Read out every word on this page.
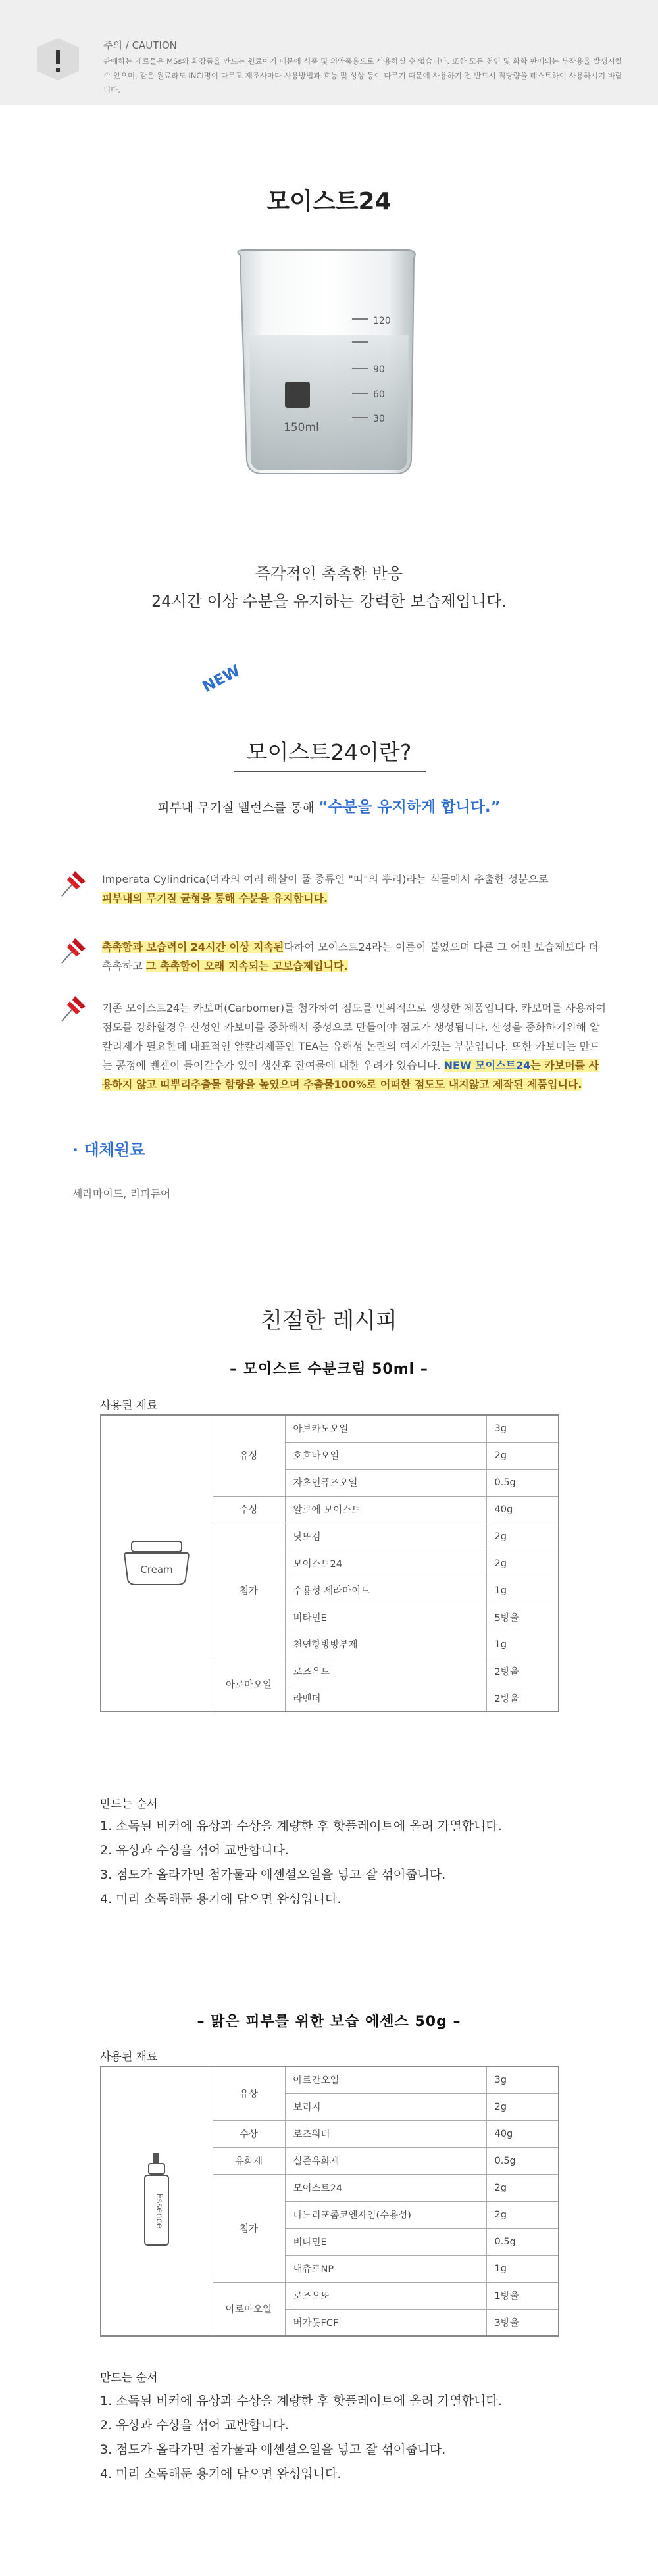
주의 / CAUTION
판매하는 재료들은 MSs와 화장품을 만드는 원료이기 때문에 식품 및 의약품용으로 사용하실 수 없습니다. 또한 모든 천연 및 화학 판매되는 부작용을 발생시킬 수 있으며, 같은 원료라도 INCI명이 다르고 제조사마다 사용방법과 효능 및 성상 등이 다르기 때문에 사용하기 전 반드시 적당량을 테스트하여 사용하시기 바랍니다.
모이스트24
120
90
60
30
150ml
즉각적인 촉촉한 반응
24시간 이상 수분을 유지하는 강력한 보습제입니다.
NEW
모이스트24이란?
피부내 무기질 밸런스를 통해 “수분을 유지하게 합니다.”
Imperata Cylindrica(벼과의 여러 해살이 풀 종류인 "띠"의 뿌리)라는 식물에서 추출한 성분으로
피부내의 무기질 균형을 통해 수분을 유지합니다.
촉촉함과 보습력이 24시간 이상 지속된다하여 모이스트24라는 이름이 붙었으며 다른 그 어떤 보습제보다 더 촉촉하고 그 촉촉함이 오래 지속되는 고보습제입니다.
기존 모이스트24는 카보머(Carbomer)를 첨가하여 점도를 인위적으로 생성한 제품입니다. 카보머를 사용하여 점도를 강화할경우 산성인 카보머를 중화해서 중성으로 만들어야 점도가 생성됩니다. 산성을 중화하기위해 알칼리제가 필요한데 대표적인 알칼리제품인 TEA는 유해성 논란의 여지가있는 부분입니다. 또한 카보머는 만드는 공정에 벤젠이 들어갈수가 있어 생산후 잔여물에 대한 우려가 있습니다. NEW 모이스트24는 카보머를 사용하지 않고 띠뿌리추출물 함량을 높였으며 추출물100%로 어떠한 점도도 내지않고 제작된 제품입니다.
· 대체원료
세라마이드, 리피듀어
친절한 레시피
– 모이스트 수분크림 50ml –
사용된 재료
Cream	유상	아보카도오일	3g
		호호바오일	2g
		자초인퓨즈오일	0.5g
	수상	알로에 모이스트	40g
	첨가	낫또검	2g
		모이스트24	2g
		수용성 세라마이드	1g
		비타민E	5방울
		천연항방방부제	1g
	아로마오일	로즈우드	2방울
		라벤더	2방울
만드는 순서
1. 소독된 비커에 유상과 수상을 계량한 후 핫플레이트에 올려 가열합니다.
2. 유상과 수상을 섞어 교반합니다.
3. 점도가 올라가면 첨가물과 에센셜오일을 넣고 잘 섞어줍니다.
4. 미리 소독해둔 용기에 담으면 완성입니다.
– 맑은 피부를 위한 보습 에센스 50g –
사용된 재료
Essence	유상	아르간오일	3g
		보리지	2g
	수상	로즈워터	40g
	유화제	실존유화제	0.5g
	첨가	모이스트24	2g
		나노리포좀코엔자임(수용성)	2g
		비타민E	0.5g
		내츄로NP	1g
	아로마오일	로즈오또	1방울
		버가못FCF	3방울
만드는 순서
1. 소독된 비커에 유상과 수상을 계량한 후 핫플레이트에 올려 가열합니다.
2. 유상과 수상을 섞어 교반합니다.
3. 점도가 올라가면 첨가물과 에센셜오일을 넣고 잘 섞어줍니다.
4. 미리 소독해둔 용기에 담으면 완성입니다.
